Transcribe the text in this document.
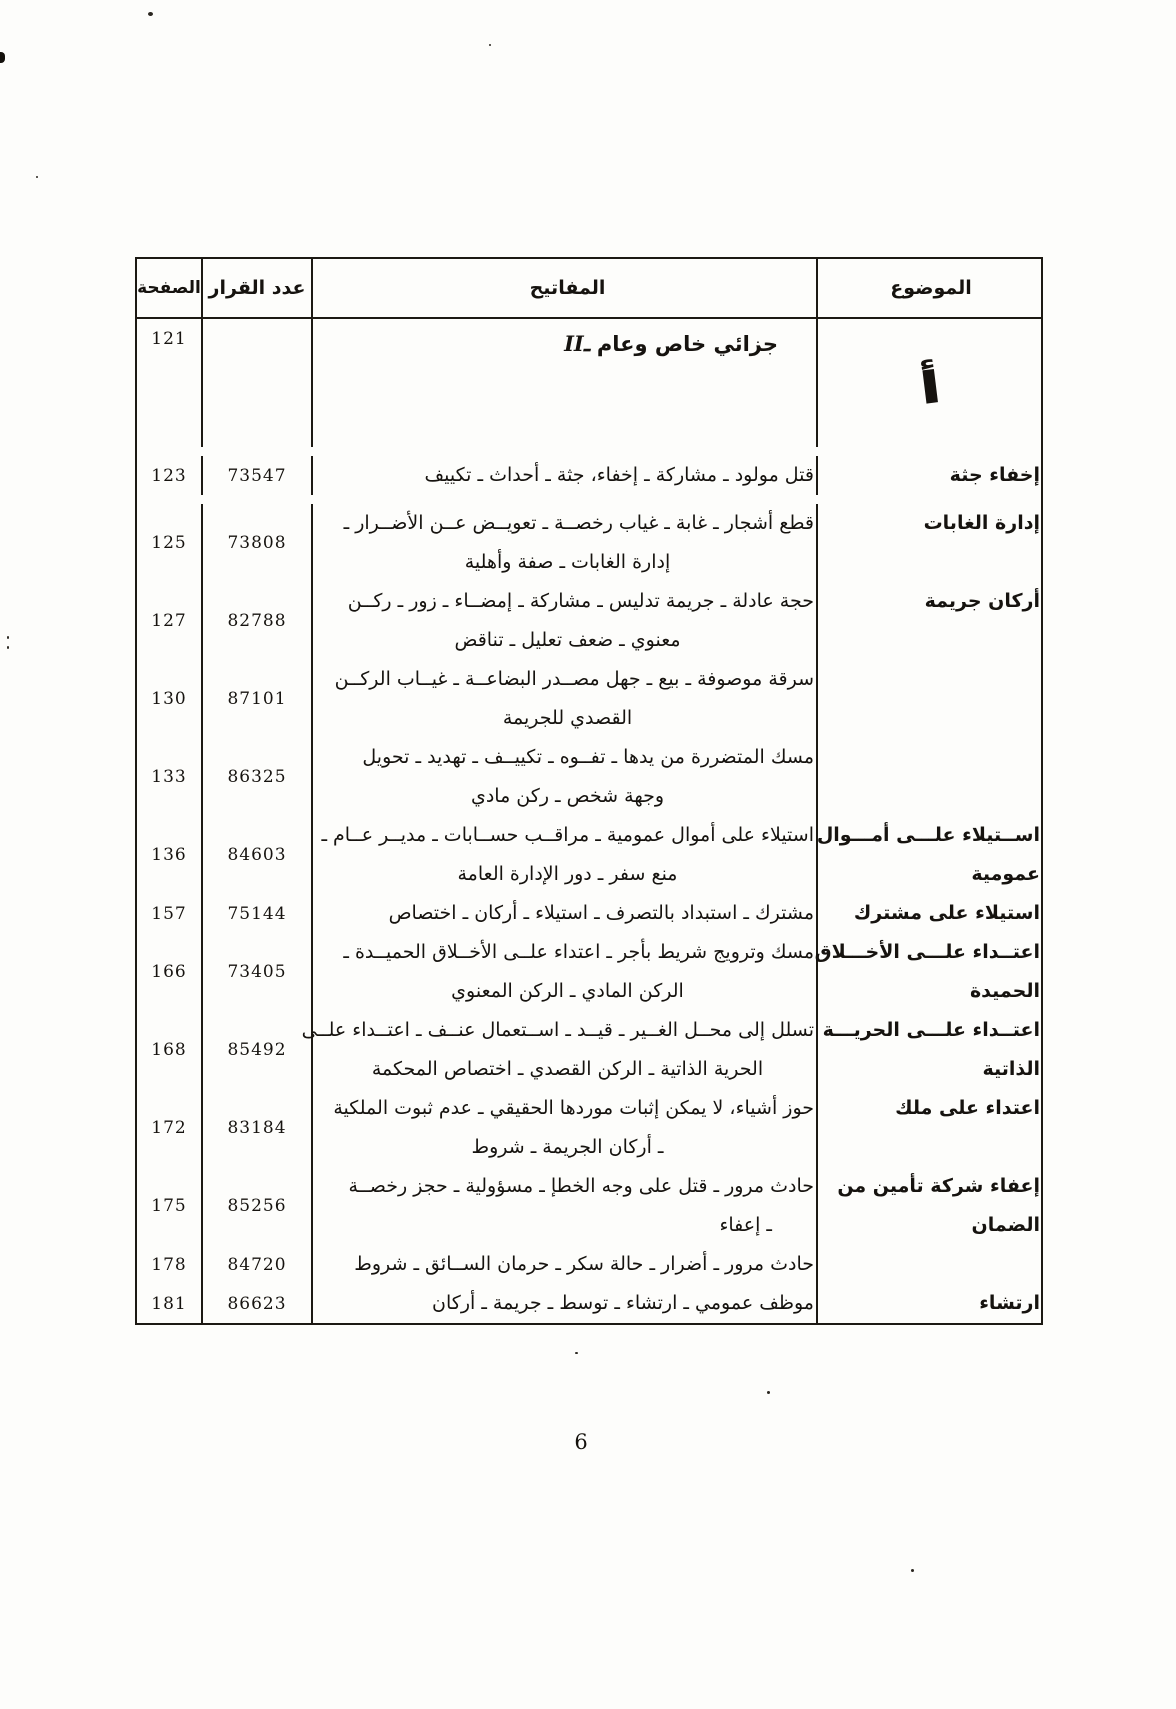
الموضوع
المفاتيح
عدد القرار
الصفحة
أ
IIـ جزائي خاص وعام
121
إخفاء جثة
قتل مولود ـ مشاركة ـ إخفاء، جثة ـ أحداث ـ تكييف
73547
123
إدارة الغابات
قطع أشجار ـ غابة ـ غياب رخصــة ـ تعويــض عــن الأضــرار ـ
إدارة الغابات ـ صفة وأهلية
73808
125
أركان جريمة
حجة عادلة ـ جريمة تدليس ـ مشاركة ـ إمضــاء ـ زور ـ ركــن
معنوي ـ ضعف تعليل ـ تناقض
82788
127
سرقة موصوفة ـ بيع ـ جهل مصــدر البضاعــة ـ غيــاب الركــن
القصدي للجريمة
87101
130
مسك المتضررة من يدها ـ تفــوه ـ تكييــف ـ تهديد ـ تحويل
وجهة شخص ـ ركن مادي
86325
133
اســتيلاء علـــى أمـــوال
عمومية
استيلاء على أموال عمومية ـ مراقــب حســابات ـ مديــر عــام ـ
منع سفر ـ دور الإدارة العامة
84603
136
استيلاء على مشترك
مشترك ـ استبداد بالتصرف ـ استيلاء ـ أركان ـ اختصاص
75144
157
اعتــداء علـــى الأخـــلاق
الحميدة
مسك وترويج شريط بأجر ـ اعتداء علــى الأخــلاق الحميــدة ـ
الركن المادي ـ الركن المعنوي
73405
166
اعتــداء علـــى الحريـــة
الذاتية
تسلل إلى محــل الغــير ـ قيــد ـ اســتعمال عنــف ـ اعتــداء علــى
الحرية الذاتية ـ الركن القصدي ـ اختصاص المحكمة
85492
168
اعتداء على ملك
حوز أشياء، لا يمكن إثبات موردها الحقيقي ـ عدم ثبوت الملكية
ـ أركان الجريمة ـ شروط
83184
172
إعفاء شركة تأمين من
الضمان
حادث مرور ـ قتل على وجه الخطإ ـ مسؤولية ـ حجز رخصــة
ـ إعفاء
85256
175
حادث مرور ـ أضرار ـ حالة سكر ـ حرمان الســائق ـ شروط
84720
178
ارتشاء
موظف عمومي ـ ارتشاء ـ توسط ـ جريمة ـ أركان
86623
181
6
